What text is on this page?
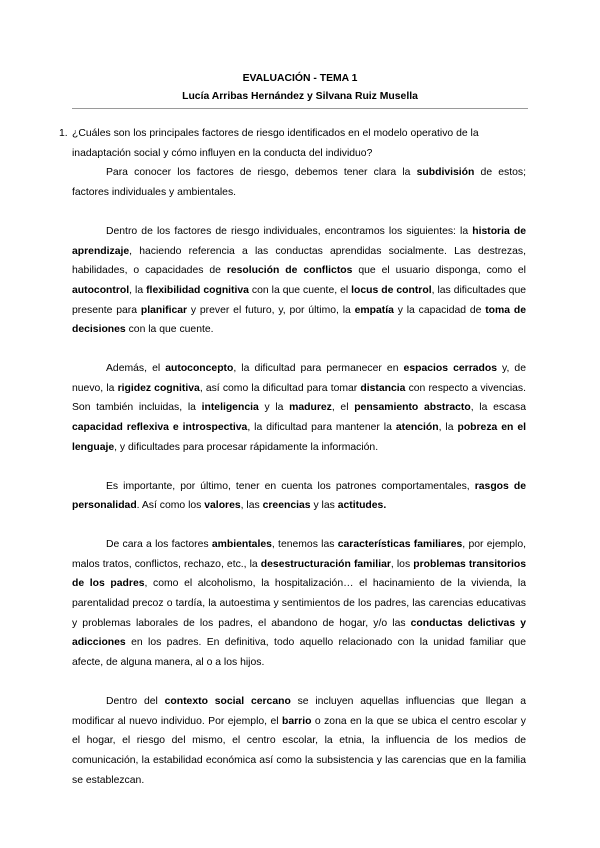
EVALUACIÓN - TEMA 1
Lucía Arribas Hernández y Silvana Ruiz Musella
1. ¿Cuáles son los principales factores de riesgo identificados en el modelo operativo de la inadaptación social y cómo influyen en la conducta del individuo?

Para conocer los factores de riesgo, debemos tener clara la subdivisión de estos; factores individuales y ambientales.

Dentro de los factores de riesgo individuales, encontramos los siguientes: la historia de aprendizaje, haciendo referencia a las conductas aprendidas socialmente. Las destrezas, habilidades, o capacidades de resolución de conflictos que el usuario disponga, como el autocontrol, la flexibilidad cognitiva con la que cuente, el locus de control, las dificultades que presente para planificar y prever el futuro, y, por último, la empatía y la capacidad de toma de decisiones con la que cuente.

Además, el autoconcepto, la dificultad para permanecer en espacios cerrados y, de nuevo, la rigidez cognitiva, así como la dificultad para tomar distancia con respecto a vivencias. Son también incluidas, la inteligencia y la madurez, el pensamiento abstracto, la escasa capacidad reflexiva e introspectiva, la dificultad para mantener la atención, la pobreza en el lenguaje, y dificultades para procesar rápidamente la información.

Es importante, por último, tener en cuenta los patrones comportamentales, rasgos de personalidad. Así como los valores, las creencias y las actitudes.

De cara a los factores ambientales, tenemos las características familiares, por ejemplo, malos tratos, conflictos, rechazo, etc., la desestructuración familiar, los problemas transitorios de los padres, como el alcoholismo, la hospitalización… el hacinamiento de la vivienda, la parentalidad precoz o tardía, la autoestima y sentimientos de los padres, las carencias educativas y problemas laborales de los padres, el abandono de hogar, y/o las conductas delictivas y adicciones en los padres. En definitiva, todo aquello relacionado con la unidad familiar que afecte, de alguna manera, al o a los hijos.

Dentro del contexto social cercano se incluyen aquellas influencias que llegan a modificar al nuevo individuo. Por ejemplo, el barrio o zona en la que se ubica el centro escolar y el hogar, el riesgo del mismo, el centro escolar, la etnia, la influencia de los medios de comunicación, la estabilidad económica así como la subsistencia y las carencias que en la familia se establezcan.
